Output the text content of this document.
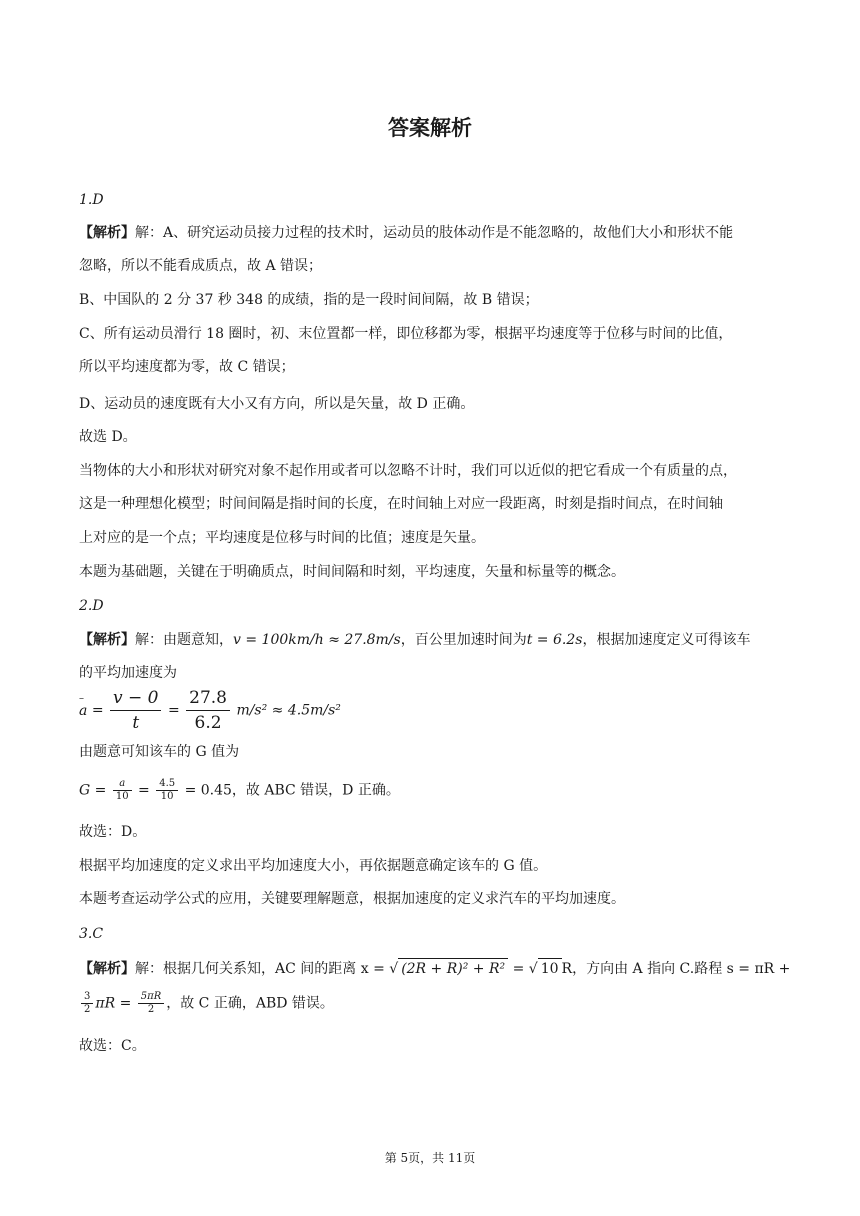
答案解析
1.D
【解析】解：A、研究运动员接力过程的技术时，运动员的肢体动作是不能忽略的，故他们大小和形状不能
忽略，所以不能看成质点，故 A 错误；
B、中国队的 2 分 37 秒 348 的成绩，指的是一段时间间隔，故 B 错误；
C、所有运动员滑行 18 圈时，初、末位置都一样，即位移都为零，根据平均速度等于位移与时间的比值，
所以平均速度都为零，故 C 错误；
D、运动员的速度既有大小又有方向，所以是矢量，故 D 正确。
故选 D。
当物体的大小和形状对研究对象不起作用或者可以忽略不计时，我们可以近似的把它看成一个有质量的点，
这是一种理想化模型；时间间隔是指时间的长度，在时间轴上对应一段距离，时刻是指时间点，在时间轴
上对应的是一个点；平均速度是位移与时间的比值；速度是矢量。
本题为基础题，关键在于明确质点，时间间隔和时刻，平均速度，矢量和标量等的概念。
2.D
【解析】解：由题意知，v = 100km/h ≈ 27.8m/s，百公里加速时间为t = 6.2s，根据加速度定义可得该车
的平均加速度为
– $a = \frac{v - 0}{t} = \frac{27.8}{6.2} m/s^2 \approx 4.5m/s^2$
由题意可知该车的 G 值为
$G = \frac{a}{10} = \frac{4.5}{10} = 0.45$，故 ABC 错误，D 正确。
故选：D。
根据平均加速度的定义求出平均加速度大小，再依据题意确定该车的 G 值。
本题考查运动学公式的应用，关键要理解题意，根据加速度的定义求汽车的平均加速度。
3.C
【解析】解：根据几何关系知，AC 间的距离 x = √ (2R + R)² + R² = √ 10 R，方向由 A 指向 C.路程 s = πR +
$\frac{3}{2}$ $\pi R = \frac{5\pi R}{2}$ ，故 C 正确，ABD 错误。
故选：C。
第 5页，共 11页
